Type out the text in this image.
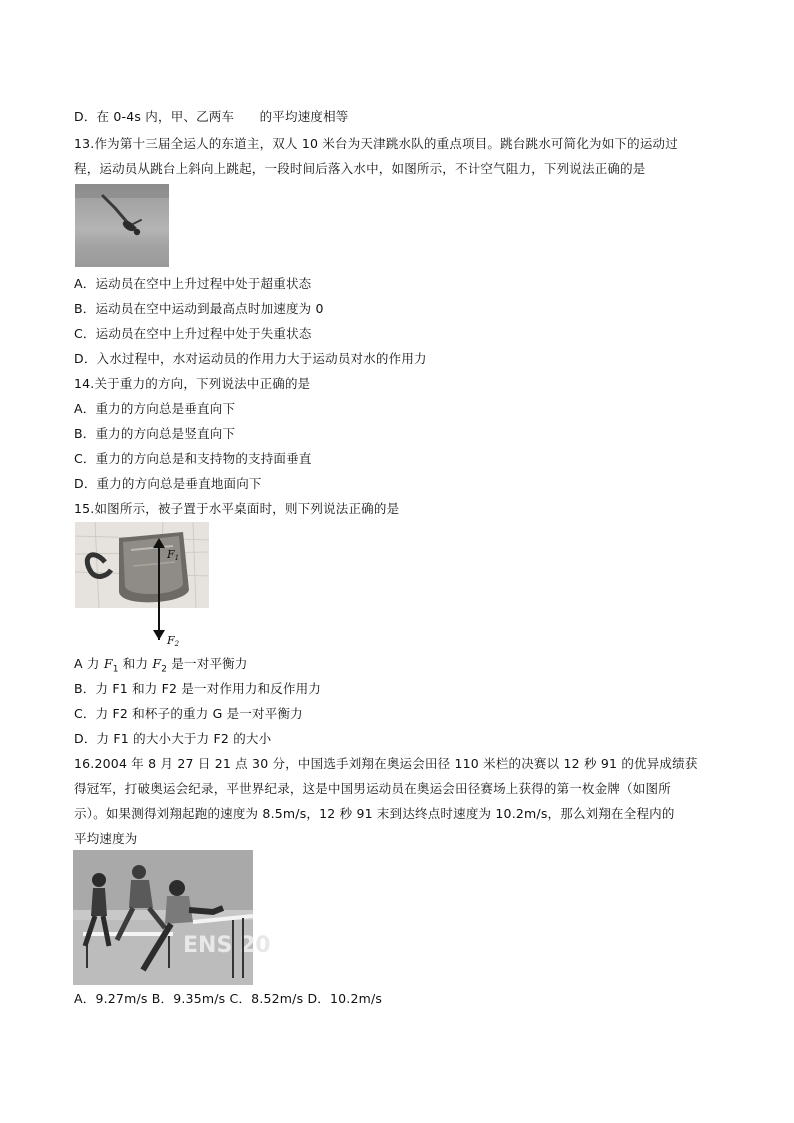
D．在 0-4s 内，甲、乙两车　　的平均速度相等
13.作为第十三届全运人的东道主，双人 10 米台为天津跳水队的重点项目。跳台跳水可简化为如下的运动过
程，运动员从跳台上斜向上跳起，一段时间后落入水中，如图所示，不计空气阻力，下列说法正确的是
A．运动员在空中上升过程中处于超重状态
B．运动员在空中运动到最高点时加速度为 0
C．运动员在空中上升过程中处于失重状态
D．入水过程中，水对运动员的作用力大于运动员对水的作用力
14.关于重力的方向，下列说法中正确的是
A．重力的方向总是垂直向下
B．重力的方向总是竖直向下
C．重力的方向总是和支持物的支持面垂直
D．重力的方向总是垂直地面向下
15.如图所示，被子置于水平桌面时，则下列说法正确的是
F1
F2
A 力 $F_1$ 和力 $F_2$ 是一对平衡力
B．力 F1 和力 F2 是一对作用力和反作用力
C．力 F2 和杯子的重力 G 是一对平衡力
D．力 F1 的大小大于力 F2 的大小
16.2004 年 8 月 27 日 21 点 30 分，中国选手刘翔在奥运会田径 110 米栏的决赛以 12 秒 91 的优异成绩获
得冠军，打破奥运会纪录，平世界纪录，这是中国男运动员在奥运会田径赛场上获得的第一枚金牌（如图所
示）。如果测得刘翔起跑的速度为 8.5m/s，12 秒 91 末到达终点时速度为 10.2m/s，那么刘翔在全程内的
平均速度为
ENS 20
A．9.27m/s B．9.35m/s C．8.52m/s D．10.2m/s
